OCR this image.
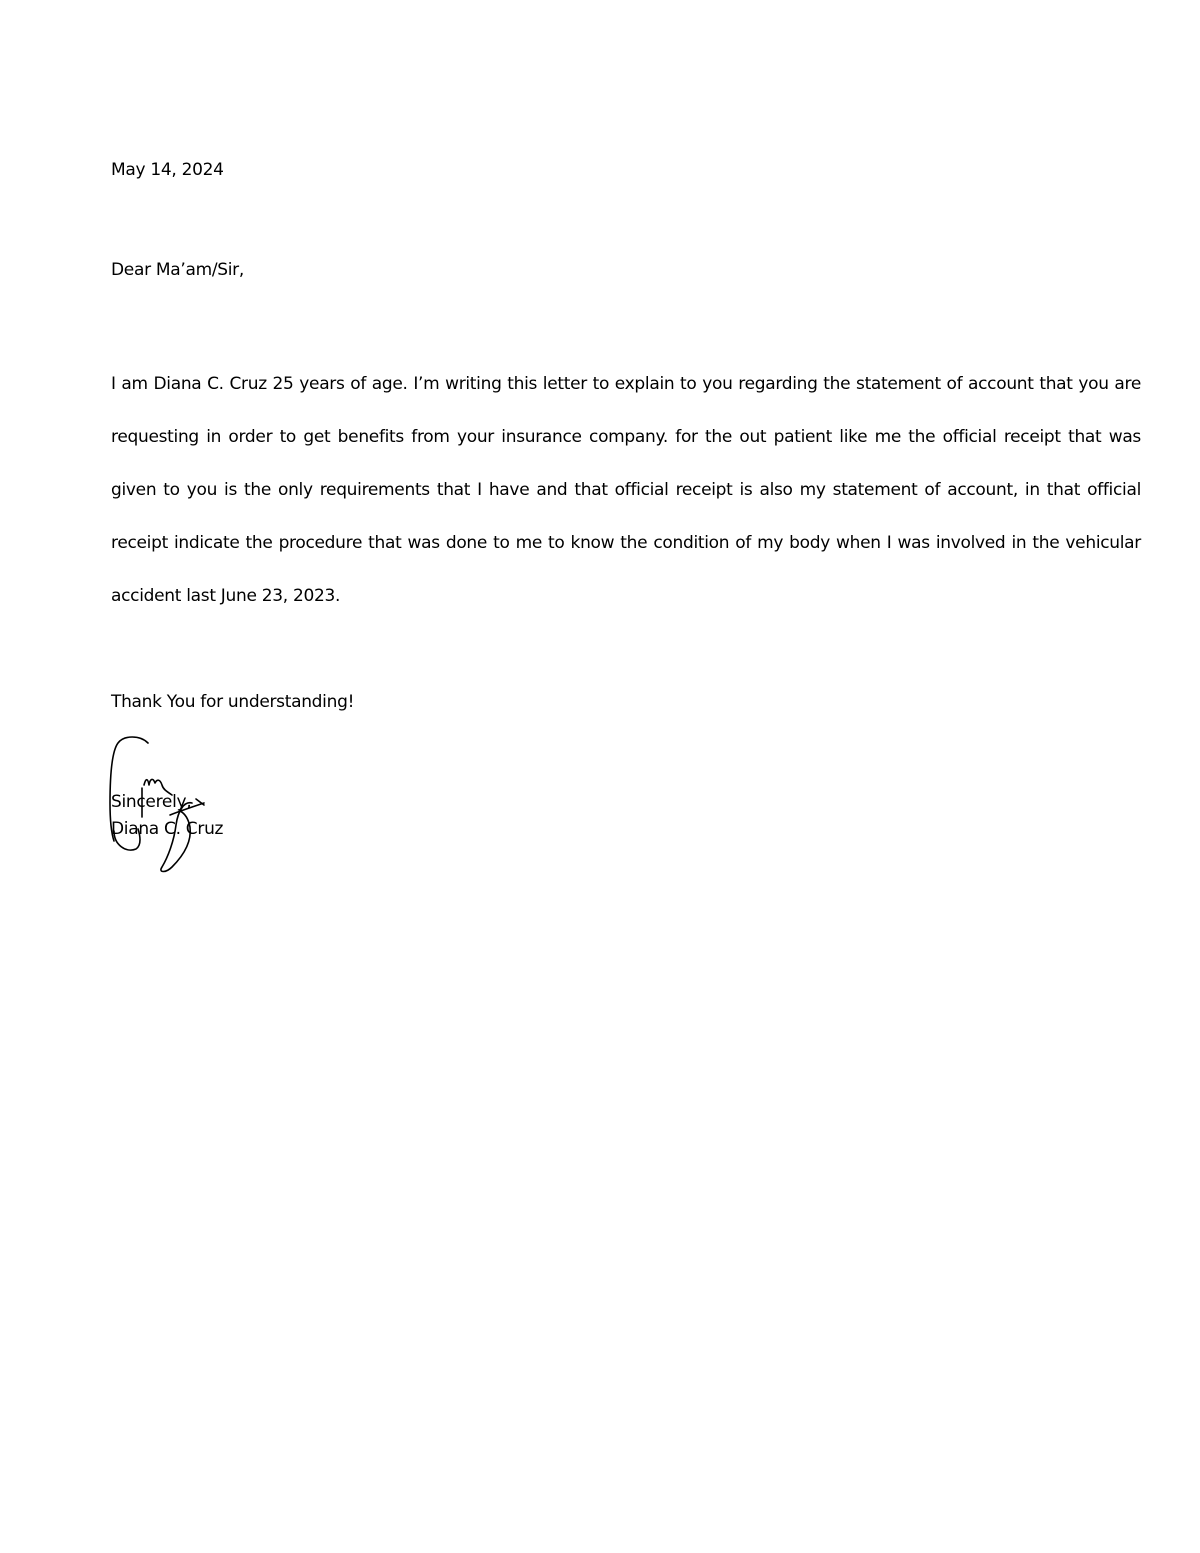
May 14, 2024
Dear Ma’am/Sir,
I am Diana C. Cruz 25 years of age. I’m writing this letter to explain to you regarding the statement of account that you are requesting in order to get benefits from your insurance company. for the out patient like me the official receipt that was given to you is the only requirements that I have and that official receipt is also my statement of account, in that official receipt indicate the procedure that was done to me to know the condition of my body when I was involved in the vehicular accident last June 23, 2023.
Thank You for understanding!
Sincerely,
Diana C. Cruz
